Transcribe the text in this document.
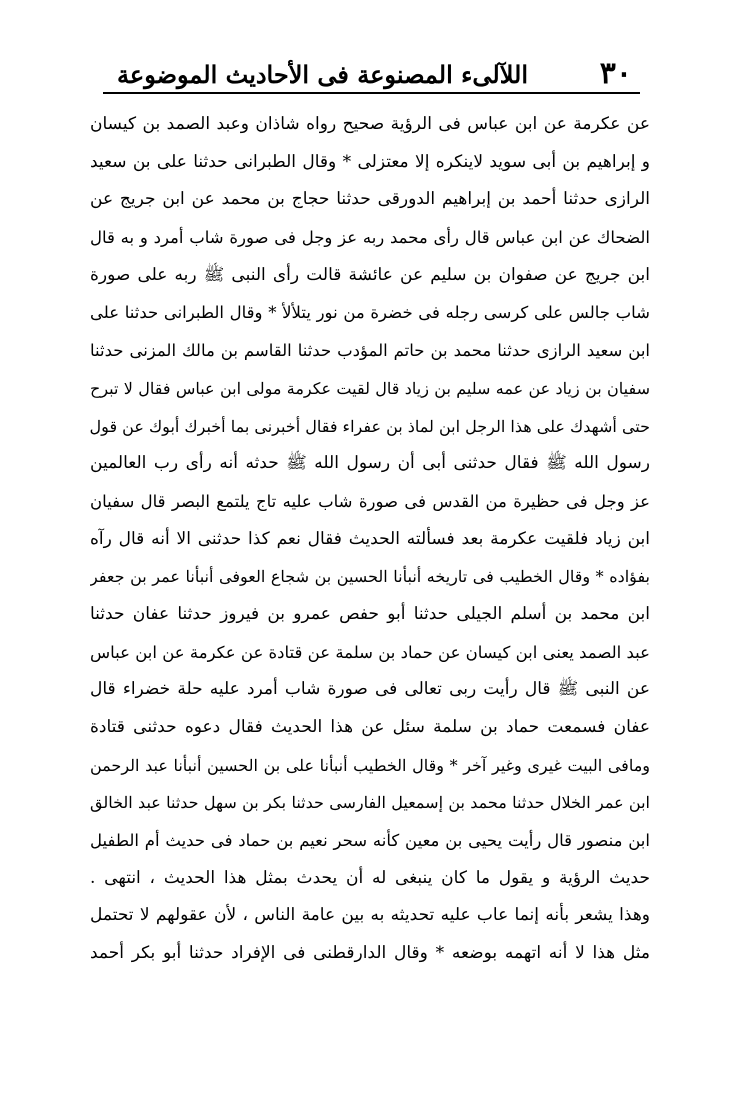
٣٠
اللآلىء المصنوعة فى الأحاديث الموضوعة
عن عكرمة عن ابن عباس فى الرؤية صحيح رواه شاذان وعبد الصمد بن كيسان
و إبراهيم بن أبى سويد لاينكره إلا معتزلى * وقال الطبرانى حدثنا على بن سعيد
الرازى حدثنا أحمد بن إبراهيم الدورقى حدثنا حجاج بن محمد عن ابن جريج عن
الضحاك عن ابن عباس قال رأى محمد ربه عز وجل فى صورة شاب أمرد و به قال
ابن جريج عن صفوان بن سليم عن عائشة قالت رأى النبى ﷺ ربه على صورة
شاب جالس على كرسى رجله فى خضرة من نور يتلألأ * وقال الطبرانى حدثنا على
ابن سعيد الرازى حدثنا محمد بن حاتم المؤدب حدثنا القاسم بن مالك المزنى حدثنا
سفيان بن زياد عن عمه سليم بن زياد قال لقيت عكرمة مولى ابن عباس فقال لا تبرح
حتى أشهدك على هذا الرجل ابن لماذ بن عفراء فقال أخبرنى بما أخبرك أبوك عن قول
رسول الله ﷺ فقال حدثنى أبى أن رسول الله ﷺ حدثه أنه رأى رب العالمين
عز وجل فى حظيرة من القدس فى صورة شاب عليه تاج يلتمع البصر قال سفيان
ابن زياد فلقيت عكرمة بعد فسألته الحديث فقال نعم كذا حدثنى الا أنه قال رآه
بفؤاده * وقال الخطيب فى تاريخه أنبأنا الحسين بن شجاع العوفى أنبأنا عمر بن جعفر
ابن محمد بن أسلم الجيلى حدثنا أبو حفص عمرو بن فيروز حدثنا عفان حدثنا
عبد الصمد يعنى ابن كيسان عن حماد بن سلمة عن قتادة عن عكرمة عن ابن عباس
عن النبى ﷺ قال رأيت ربى تعالى فى صورة شاب أمرد عليه حلة خضراء قال
عفان فسمعت حماد بن سلمة سئل عن هذا الحديث فقال دعوه حدثنى قتادة
ومافى البيت غيرى وغير آخر * وقال الخطيب أنبأنا على بن الحسين أنبأنا عبد الرحمن
ابن عمر الخلال حدثنا محمد بن إسمعيل الفارسى حدثنا بكر بن سهل حدثنا عبد الخالق
ابن منصور قال رأيت يحيى بن معين كأنه سحر نعيم بن حماد فى حديث أم الطفيل
حديث الرؤية و يقول ما كان ينبغى له أن يحدث بمثل هذا الحديث ، انتهى .
وهذا يشعر بأنه إنما عاب عليه تحديثه به بين عامة الناس ، لأن عقولهم لا تحتمل
مثل هذا لا أنه اتهمه بوضعه * وقال الدارقطنى فى الإفراد حدثنا أبو بكر أحمد
